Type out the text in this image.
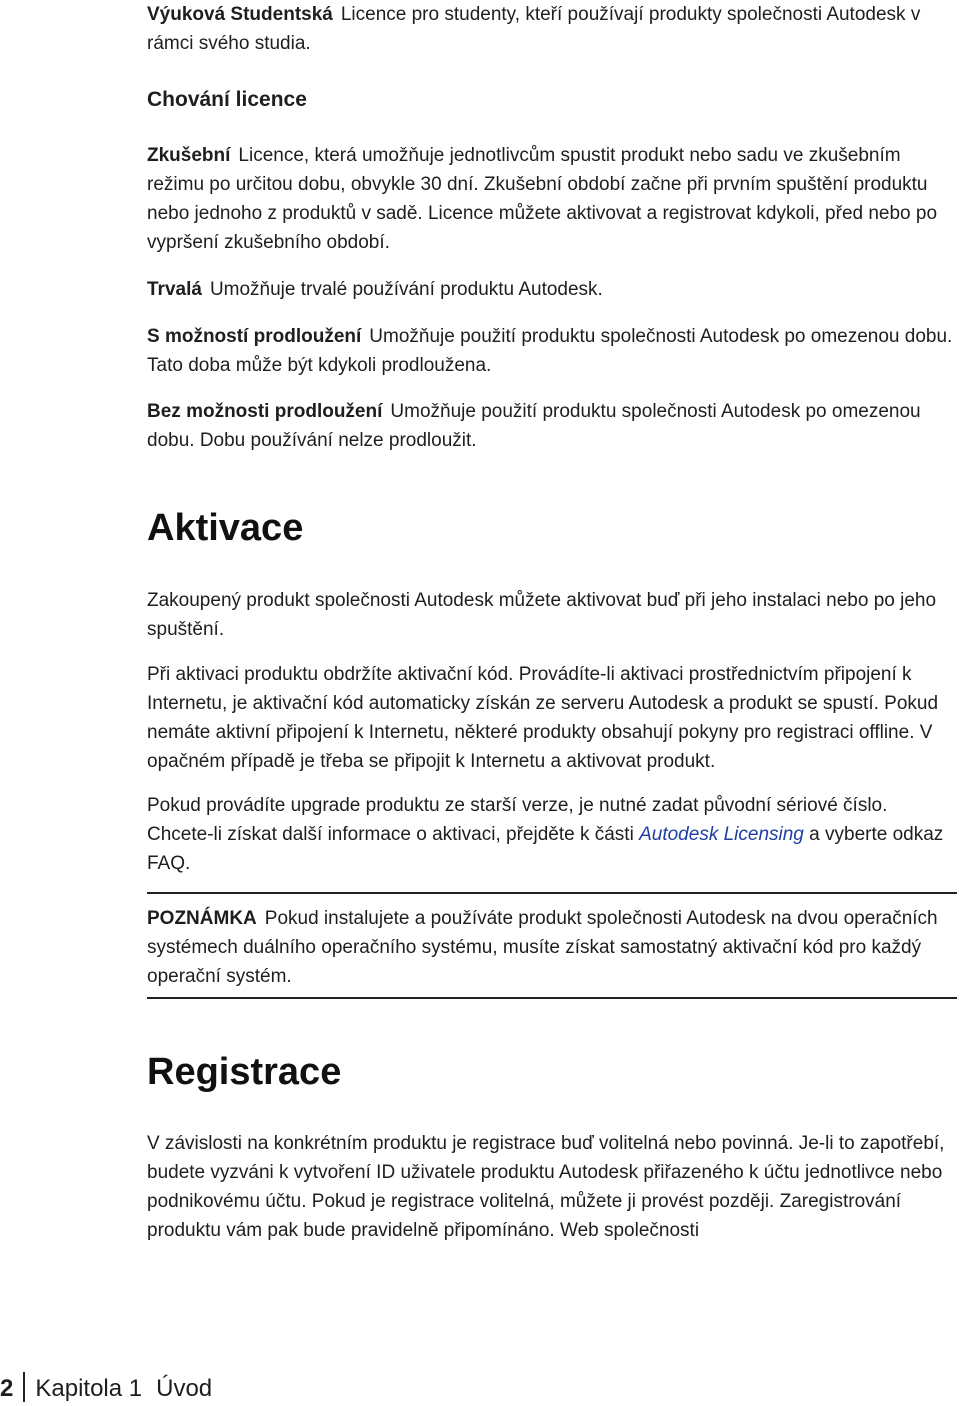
Výuková Studentská Licence pro studenty, kteří používají produkty společnosti Autodesk v rámci svého studia.

Chování licence

Zkušební Licence, která umožňuje jednotlivcům spustit produkt nebo sadu ve zkušebním režimu po určitou dobu, obvykle 30 dní. Zkušební období začne při prvním spuštění produktu nebo jednoho z produktů v sadě. Licence můžete aktivovat a registrovat kdykoli, před nebo po vypršení zkušebního období.

Trvalá Umožňuje trvalé používání produktu Autodesk.

S možností prodloužení Umožňuje použití produktu společnosti Autodesk po omezenou dobu. Tato doba může být kdykoli prodloužena.

Bez možnosti prodloužení Umožňuje použití produktu společnosti Autodesk po omezenou dobu. Dobu používání nelze prodloužit.

Aktivace

Zakoupený produkt společnosti Autodesk můžete aktivovat buď při jeho instalaci nebo po jeho spuštění.

Při aktivaci produktu obdržíte aktivační kód. Provádíte-li aktivaci prostřednictvím připojení k Internetu, je aktivační kód automaticky získán ze serveru Autodesk a produkt se spustí. Pokud nemáte aktivní připojení k Internetu, některé produkty obsahují pokyny pro registraci offline. V opačném případě je třeba se připojit k Internetu a aktivovat produkt.

Pokud provádíte upgrade produktu ze starší verze, je nutné zadat původní sériové číslo. Chcete-li získat další informace o aktivaci, přejděte k části Autodesk Licensing a vyberte odkaz FAQ.

POZNÁMKA Pokud instalujete a používáte produkt společnosti Autodesk na dvou operačních systémech duálního operačního systému, musíte získat samostatný aktivační kód pro každý operační systém.

Registrace

V závislosti na konkrétním produktu je registrace buď volitelná nebo povinná. Je-li to zapotřebí, budete vyzváni k vytvoření ID uživatele produktu Autodesk přiřazeného k účtu jednotlivce nebo podnikovému účtu. Pokud je registrace volitelná, můžete ji provést později. Zaregistrování produktu vám pak bude pravidelně připomínáno. Web společnosti

2 Kapitola 1 Úvod
